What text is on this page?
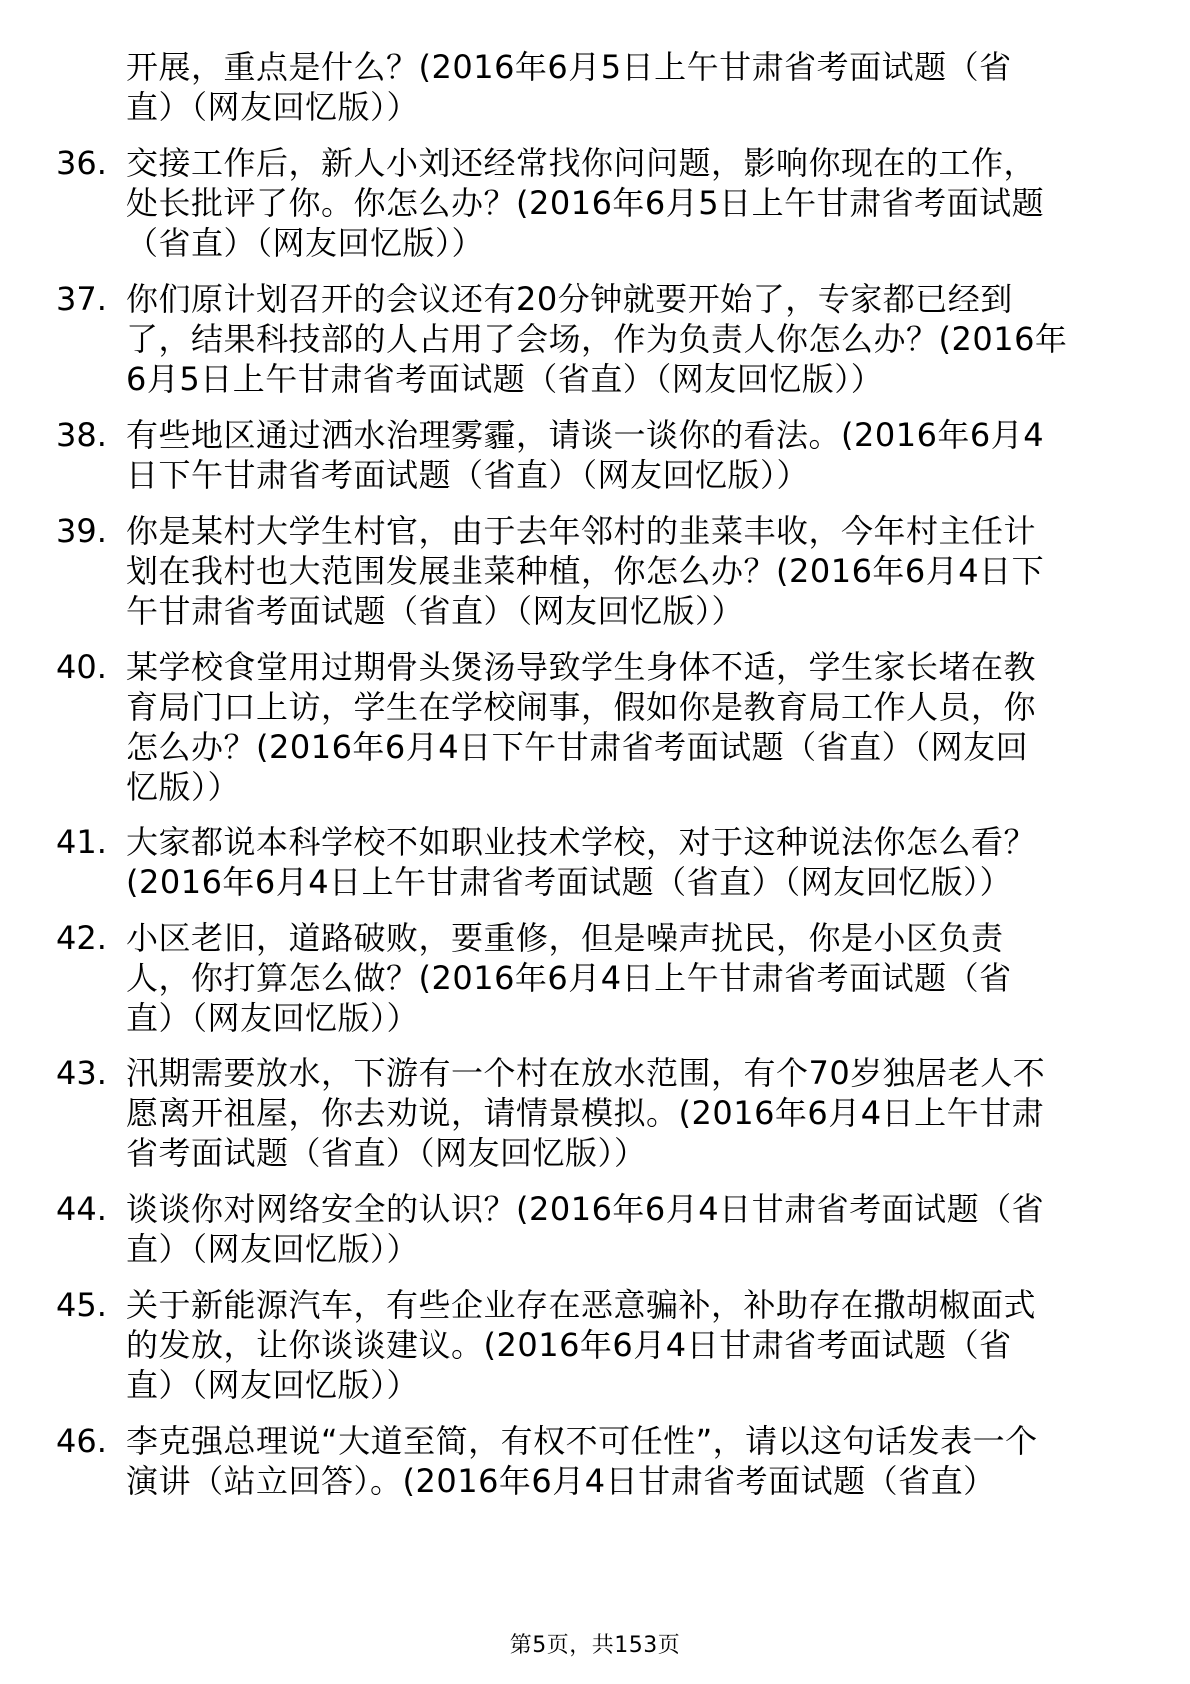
开展，重点是什么？(2016年6月5日上午甘肃省考面试题（省
直）（网友回忆版））
36. 交接工作后，新人小刘还经常找你问问题，影响你现在的工作，
处长批评了你。你怎么办？(2016年6月5日上午甘肃省考面试题
（省直）（网友回忆版））
37. 你们原计划召开的会议还有20分钟就要开始了，专家都已经到
了，结果科技部的人占用了会场，作为负责人你怎么办？(2016年
6月5日上午甘肃省考面试题（省直）（网友回忆版））
38. 有些地区通过洒水治理雾霾，请谈一谈你的看法。(2016年6月4
日下午甘肃省考面试题（省直）（网友回忆版））
39. 你是某村大学生村官，由于去年邻村的韭菜丰收，今年村主任计
划在我村也大范围发展韭菜种植，你怎么办？(2016年6月4日下
午甘肃省考面试题（省直）（网友回忆版））
40. 某学校食堂用过期骨头煲汤导致学生身体不适，学生家长堵在教
育局门口上访，学生在学校闹事，假如你是教育局工作人员，你
怎么办？(2016年6月4日下午甘肃省考面试题（省直）（网友回
忆版））
41. 大家都说本科学校不如职业技术学校，对于这种说法你怎么看？
(2016年6月4日上午甘肃省考面试题（省直）（网友回忆版））
42. 小区老旧，道路破败，要重修，但是噪声扰民，你是小区负责
人，你打算怎么做？(2016年6月4日上午甘肃省考面试题（省
直）（网友回忆版））
43. 汛期需要放水，下游有一个村在放水范围，有个70岁独居老人不
愿离开祖屋，你去劝说，请情景模拟。(2016年6月4日上午甘肃
省考面试题（省直）（网友回忆版））
44. 谈谈你对网络安全的认识？(2016年6月4日甘肃省考面试题（省
直）（网友回忆版））
45. 关于新能源汽车，有些企业存在恶意骗补，补助存在撒胡椒面式
的发放，让你谈谈建议。(2016年6月4日甘肃省考面试题（省
直）（网友回忆版））
46. 李克强总理说“大道至简，有权不可任性”，请以这句话发表一个
演讲（站立回答）。(2016年6月4日甘肃省考面试题（省直）
第5页，共153页
